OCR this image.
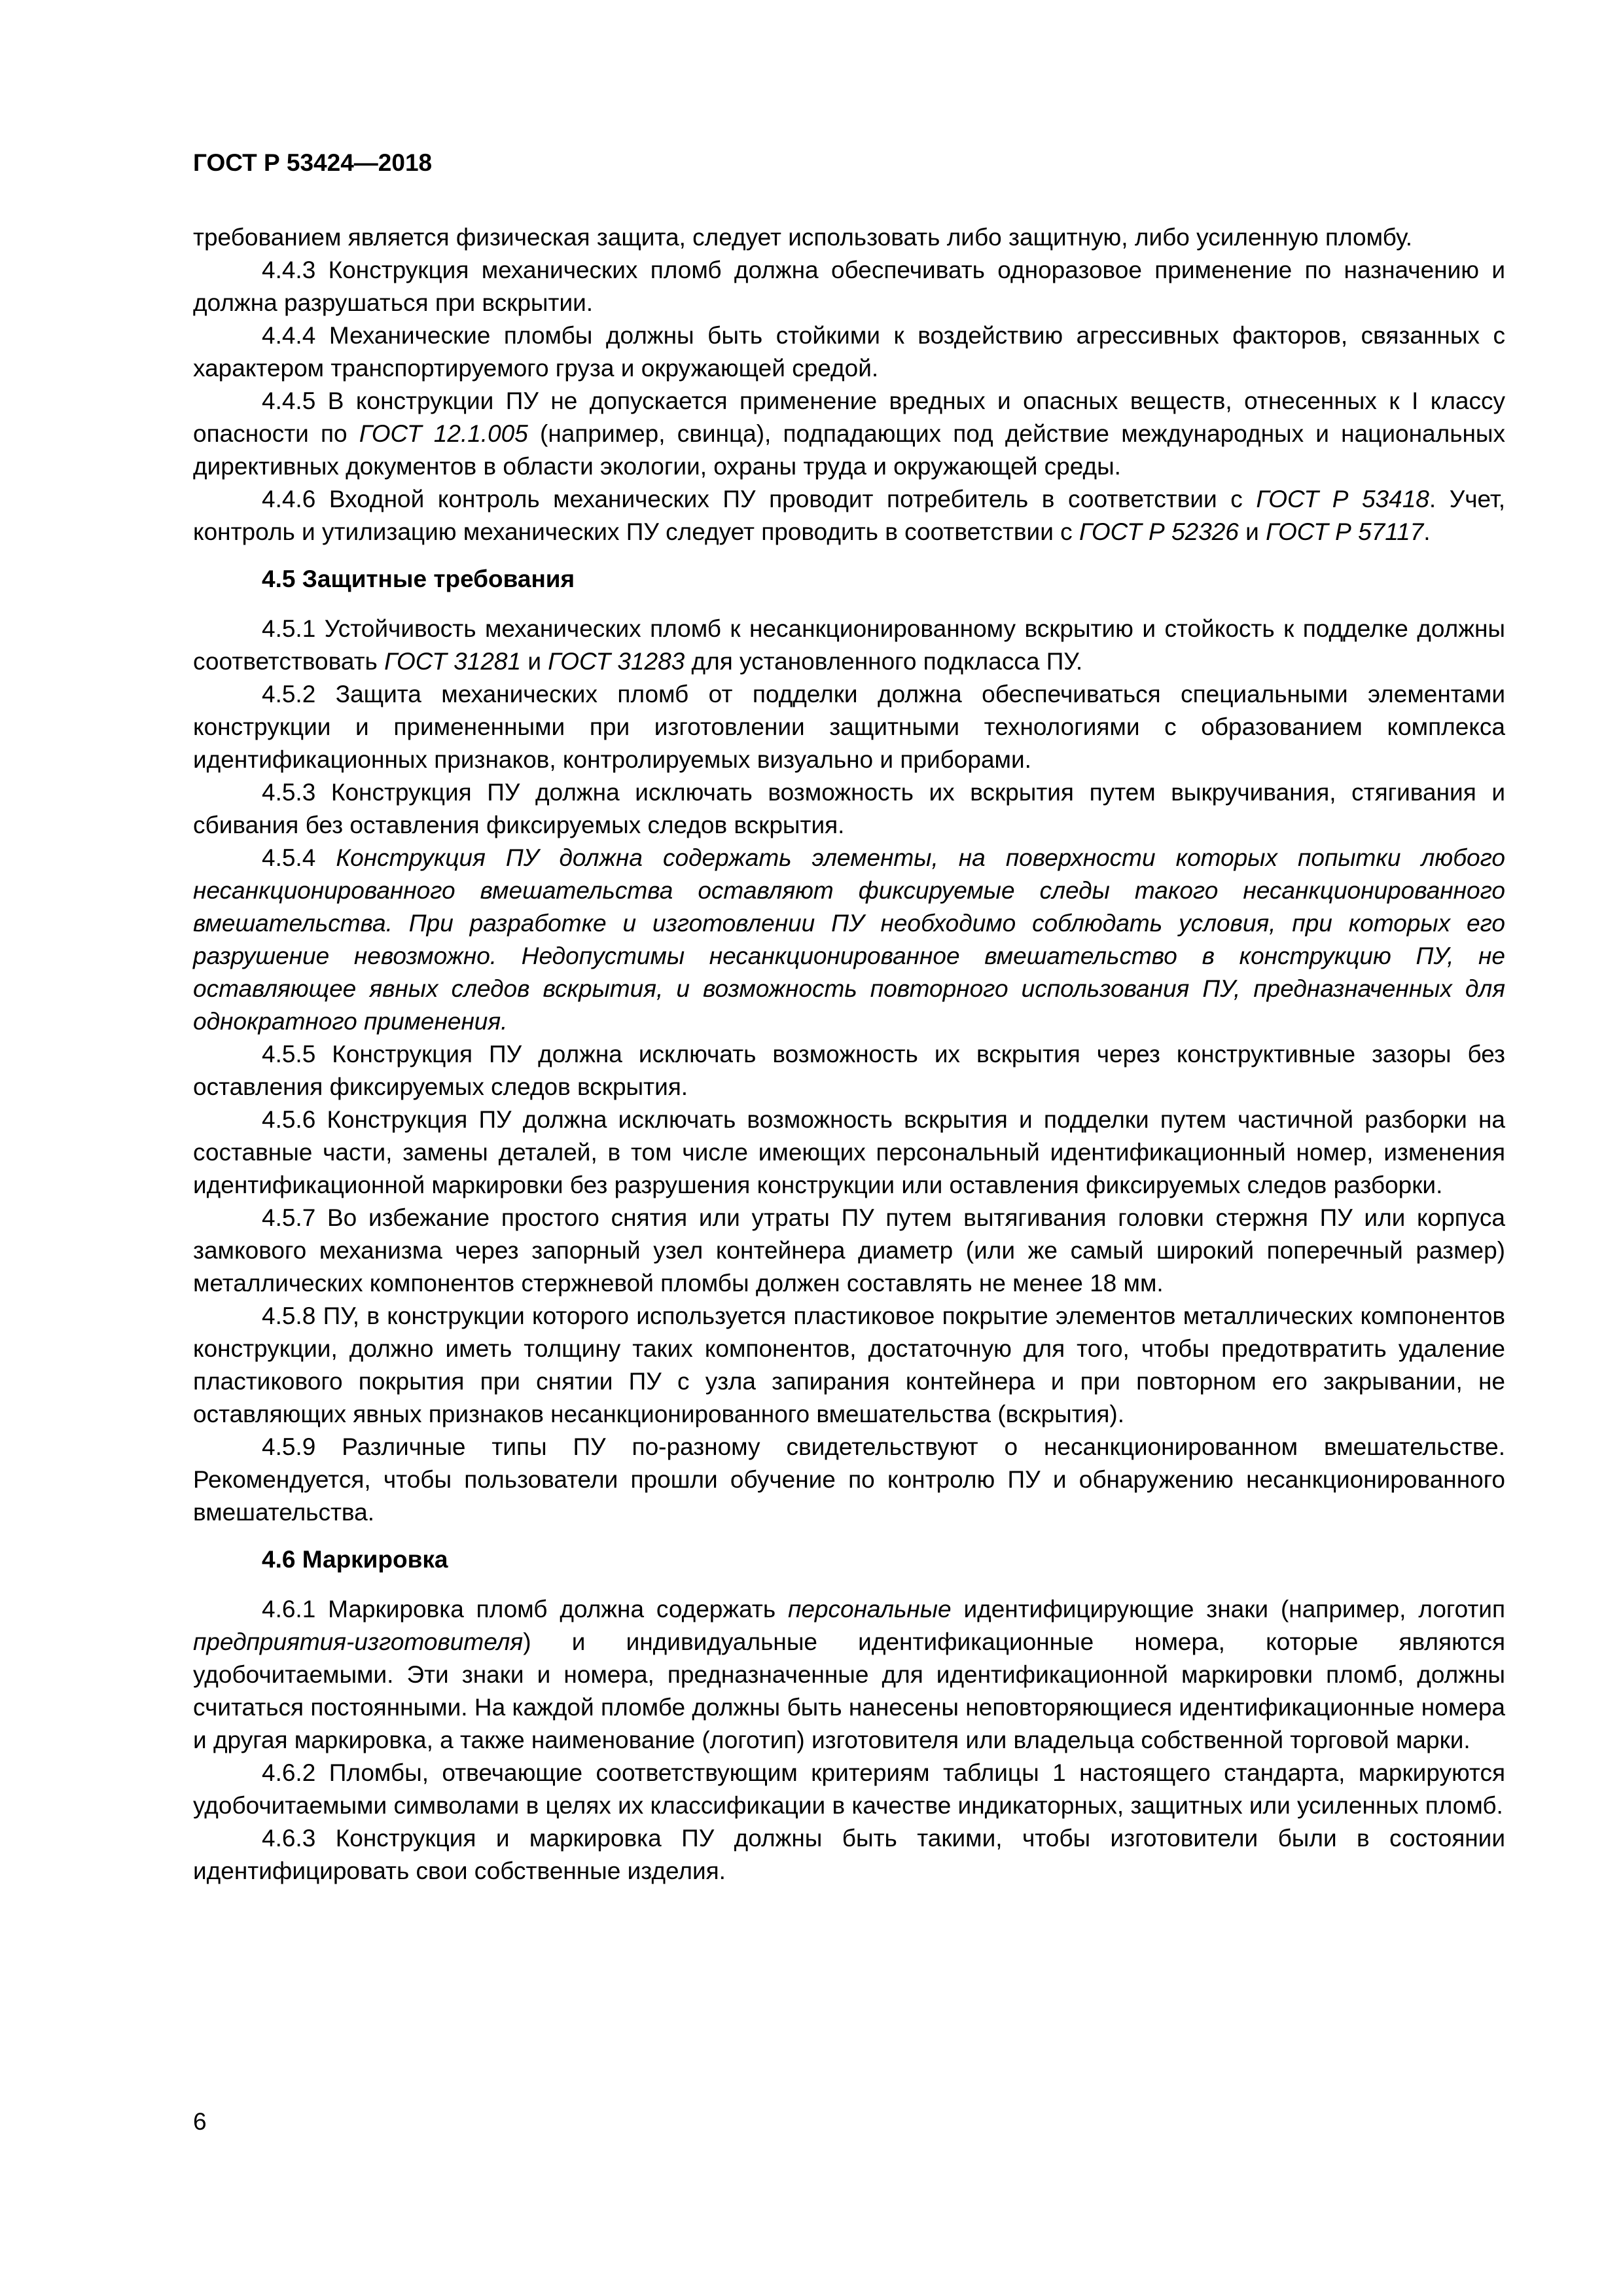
ГОСТ Р 53424—2018

требованием является физическая защита, следует использовать либо защитную, либо усиленную пломбу.

4.4.3 Конструкция механических пломб должна обеспечивать одноразовое применение по назначению и должна разрушаться при вскрытии.

4.4.4 Механические пломбы должны быть стойкими к воздействию агрессивных факторов, связанных с характером транспортируемого груза и окружающей средой.

4.4.5 В конструкции ПУ не допускается применение вредных и опасных веществ, отнесенных к I классу опасности по ГОСТ 12.1.005 (например, свинца), подпадающих под действие международных и национальных директивных документов в области экологии, охраны труда и окружающей среды.

4.4.6 Входной контроль механических ПУ проводит потребитель в соответствии с ГОСТ Р 53418. Учет, контроль и утилизацию механических ПУ следует проводить в соответствии с ГОСТ Р 52326 и ГОСТ Р 57117.

4.5 Защитные требования

4.5.1 Устойчивость механических пломб к несанкционированному вскрытию и стойкость к подделке должны соответствовать ГОСТ 31281 и ГОСТ 31283 для установленного подкласса ПУ.

4.5.2 Защита механических пломб от подделки должна обеспечиваться специальными элементами конструкции и примененными при изготовлении защитными технологиями с образованием комплекса идентификационных признаков, контролируемых визуально и приборами.

4.5.3 Конструкция ПУ должна исключать возможность их вскрытия путем выкручивания, стягивания и сбивания без оставления фиксируемых следов вскрытия.

4.5.4 Конструкция ПУ должна содержать элементы, на поверхности которых попытки любого несанкционированного вмешательства оставляют фиксируемые следы такого несанкционированного вмешательства. При разработке и изготовлении ПУ необходимо соблюдать условия, при которых его разрушение невозможно. Недопустимы несанкционированное вмешательство в конструкцию ПУ, не оставляющее явных следов вскрытия, и возможность повторного использования ПУ, предназначенных для однократного применения.

4.5.5 Конструкция ПУ должна исключать возможность их вскрытия через конструктивные зазоры без оставления фиксируемых следов вскрытия.

4.5.6 Конструкция ПУ должна исключать возможность вскрытия и подделки путем частичной разборки на составные части, замены деталей, в том числе имеющих персональный идентификационный номер, изменения идентификационной маркировки без разрушения конструкции или оставления фиксируемых следов разборки.

4.5.7 Во избежание простого снятия или утраты ПУ путем вытягивания головки стержня ПУ или корпуса замкового механизма через запорный узел контейнера диаметр (или же самый широкий поперечный размер) металлических компонентов стержневой пломбы должен составлять не менее 18 мм.

4.5.8 ПУ, в конструкции которого используется пластиковое покрытие элементов металлических компонентов конструкции, должно иметь толщину таких компонентов, достаточную для того, чтобы предотвратить удаление пластикового покрытия при снятии ПУ с узла запирания контейнера и при повторном его закрывании, не оставляющих явных признаков несанкционированного вмешательства (вскрытия).

4.5.9 Различные типы ПУ по-разному свидетельствуют о несанкционированном вмешательстве. Рекомендуется, чтобы пользователи прошли обучение по контролю ПУ и обнаружению несанкционированного вмешательства.

4.6 Маркировка

4.6.1 Маркировка пломб должна содержать персональные идентифицирующие знаки (например, логотип предприятия-изготовителя) и индивидуальные идентификационные номера, которые являются удобочитаемыми. Эти знаки и номера, предназначенные для идентификационной маркировки пломб, должны считаться постоянными. На каждой пломбе должны быть нанесены неповторяющиеся идентификационные номера и другая маркировка, а также наименование (логотип) изготовителя или владельца собственной торговой марки.

4.6.2 Пломбы, отвечающие соответствующим критериям таблицы 1 настоящего стандарта, маркируются удобочитаемыми символами в целях их классификации в качестве индикаторных, защитных или усиленных пломб.

4.6.3 Конструкция и маркировка ПУ должны быть такими, чтобы изготовители были в состоянии идентифицировать свои собственные изделия.

6
